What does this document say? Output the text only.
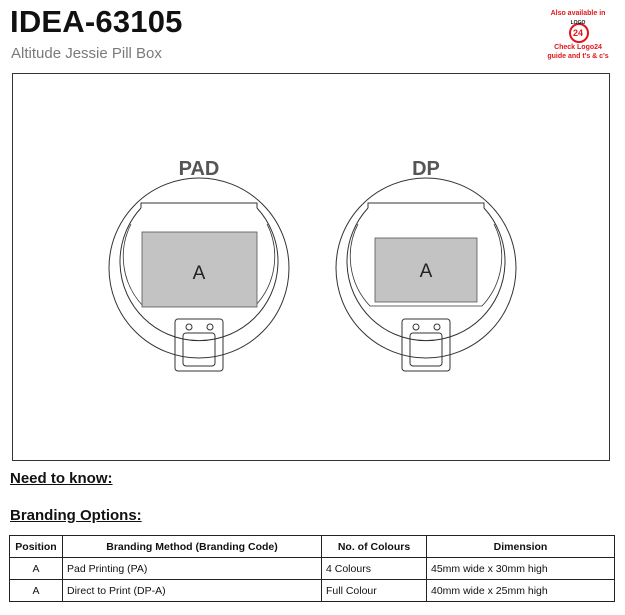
IDEA-63105
Altitude Jessie Pill Box
Also available in
LOGO
24
Check Logo24
guide and t's & c's
PAD
A
DP
A
Need to know:
Branding Options:
Position	Branding Method (Branding Code)	No. of Colours	Dimension
A	Pad Printing (PA)	4 Colours	45mm wide x 30mm high
A	Direct to Print (DP-A)	Full Colour	40mm wide x 25mm high
